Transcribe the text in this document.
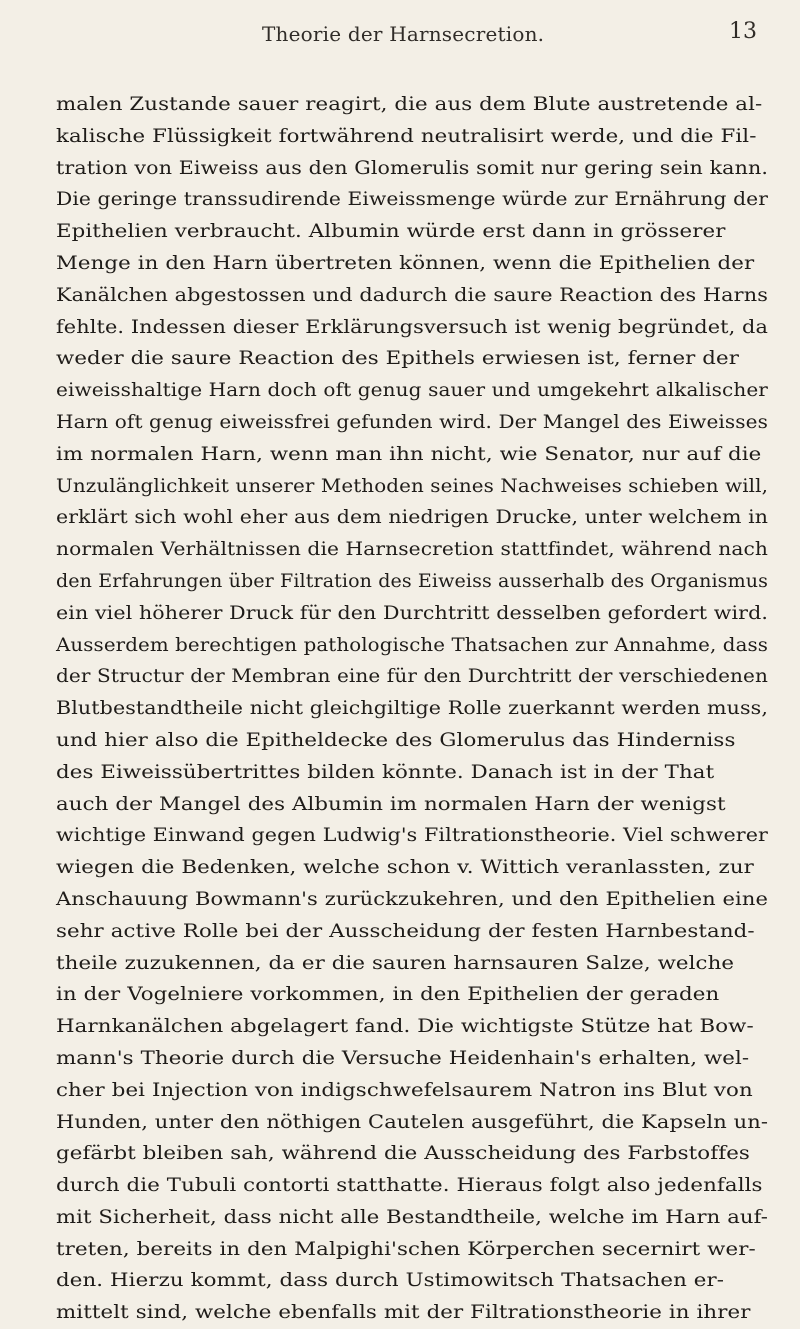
Theorie der Harnsecretion.	13
malen Zustande sauer reagirt, die aus dem Blute austretende al-
kalische Flüssigkeit fortwährend neutralisirt werde, und die Fil-
tration von Eiweiss aus den Glomerulis somit nur gering sein kann.
Die geringe transsudirende Eiweissmenge würde zur Ernährung der
Epithelien verbraucht. Albumin würde erst dann in grösserer
Menge in den Harn übertreten können, wenn die Epithelien der
Kanälchen abgestossen und dadurch die saure Reaction des Harns
fehlte. Indessen dieser Erklärungsversuch ist wenig begründet, da
weder die saure Reaction des Epithels erwiesen ist, ferner der
eiweisshaltige Harn doch oft genug sauer und umgekehrt alkalischer
Harn oft genug eiweissfrei gefunden wird. Der Mangel des Eiweisses
im normalen Harn, wenn man ihn nicht, wie Senator, nur auf die
Unzulänglichkeit unserer Methoden seines Nachweises schieben will,
erklärt sich wohl eher aus dem niedrigen Drucke, unter welchem in
normalen Verhältnissen die Harnsecretion stattfindet, während nach
den Erfahrungen über Filtration des Eiweiss ausserhalb des Organismus
ein viel höherer Druck für den Durchtritt desselben gefordert wird.
Ausserdem berechtigen pathologische Thatsachen zur Annahme, dass
der Structur der Membran eine für den Durchtritt der verschiedenen
Blutbestandtheile nicht gleichgiltige Rolle zuerkannt werden muss,
und hier also die Epitheldecke des Glomerulus das Hinderniss
des Eiweissübertrittes bilden könnte. Danach ist in der That
auch der Mangel des Albumin im normalen Harn der wenigst
wichtige Einwand gegen Ludwig's Filtrationstheorie. Viel schwerer
wiegen die Bedenken, welche schon v. Wittich veranlassten, zur
Anschauung Bowmann's zurückzukehren, und den Epithelien eine
sehr active Rolle bei der Ausscheidung der festen Harnbestand-
theile zuzukennen, da er die sauren harnsauren Salze, welche
in der Vogelniere vorkommen, in den Epithelien der geraden
Harnkanälchen abgelagert fand. Die wichtigste Stütze hat Bow-
mann's Theorie durch die Versuche Heidenhain's erhalten, wel-
cher bei Injection von indigschwefelsaurem Natron ins Blut von
Hunden, unter den nöthigen Cautelen ausgeführt, die Kapseln un-
gefärbt bleiben sah, während die Ausscheidung des Farbstoffes
durch die Tubuli contorti statthatte. Hieraus folgt also jedenfalls
mit Sicherheit, dass nicht alle Bestandtheile, welche im Harn auf-
treten, bereits in den Malpighi'schen Körperchen secernirt wer-
den. Hierzu kommt, dass durch Ustimowitsch Thatsachen er-
mittelt sind, welche ebenfalls mit der Filtrationstheorie in ihrer
